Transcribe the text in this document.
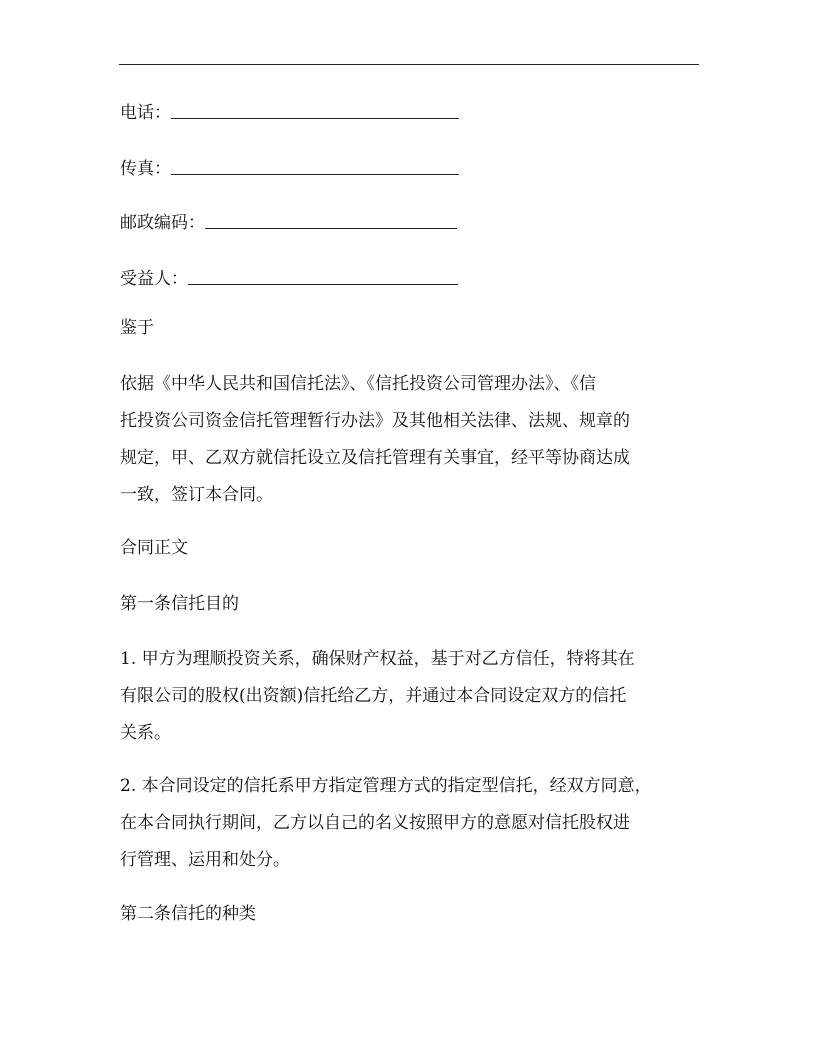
电话：
传真：
邮政编码：
受益人：

鉴于

依据《中华人民共和国信托法》、《信托投资公司管理办法》、《信
托投资公司资金信托管理暂行办法》及其他相关法律、法规、规章的
规定，甲、乙双方就信托设立及信托管理有关事宜，经平等协商达成
一致，签订本合同。

合同正文

第一条信托目的

1. 甲方为理顺投资关系，确保财产权益，基于对乙方信任，特将其在
有限公司的股权(出资额)信托给乙方，并通过本合同设定双方的信托
关系。

2. 本合同设定的信托系甲方指定管理方式的指定型信托，经双方同意，
在本合同执行期间，乙方以自己的名义按照甲方的意愿对信托股权进
行管理、运用和处分。

第二条信托的种类
